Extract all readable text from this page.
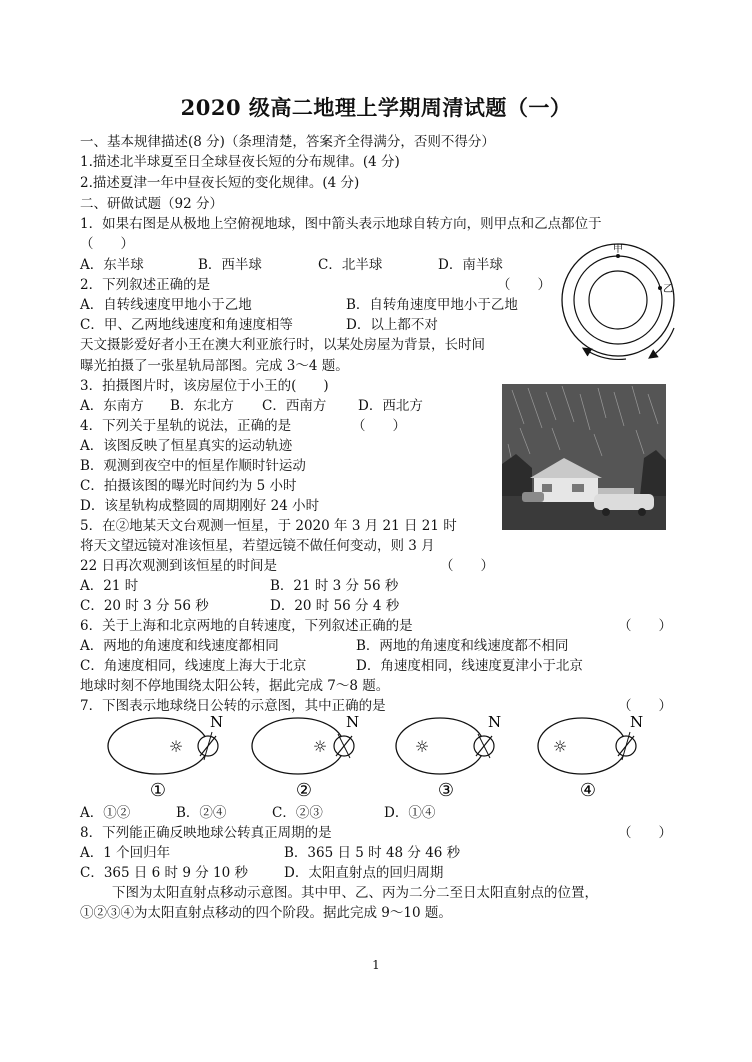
2020 级高二地理上学期周清试题（一）
一、基本规律描述(8 分)（条理清楚，答案齐全得满分，否则不得分）
1.描述北半球夏至日全球昼夜长短的分布规律。(4 分)
2.描述夏津一年中昼夜长短的变化规律。(4 分)
二、研做试题（92 分）
1．如果右图是从极地上空俯视地球，图中箭头表示地球自转方向，则甲点和乙点都位于
（　　）
A．东半球	B．西半球	C．北半球	D．南半球
2．下列叙述正确的是	（　　）
A．自转线速度甲地小于乙地	B．自转角速度甲地小于乙地
C．甲、乙两地线速度和角速度相等	D．以上都不对
天文摄影爱好者小王在澳大利亚旅行时，以某处房屋为背景，长时间
曝光拍摄了一张星轨局部图。完成 3～4 题。
3．拍摄图片时，该房屋位于小王的(　　)
A．东南方 B．东北方 C．西南方 D．西北方
4．下列关于星轨的说法，正确的是	（　　）
A．该图反映了恒星真实的运动轨迹
B．观测到夜空中的恒星作顺时针运动
C．拍摄该图的曝光时间约为 5 小时
D．该星轨构成整圆的周期刚好 24 小时
5．在②地某天文台观测一恒星，于 2020 年 3 月 21 日 21 时
将天文望远镜对准该恒星，若望远镜不做任何变动，则 3 月
22 日再次观测到该恒星的时间是	（　　）
A．21 时	B．21 时 3 分 56 秒
C．20 时 3 分 56 秒	D．20 时 56 分 4 秒
6．关于上海和北京两地的自转速度，下列叙述正确的是	（　　）
A．两地的角速度和线速度都相同	B．两地的角速度和线速度都不相同
C．角速度相同，线速度上海大于北京	D．角速度相同，线速度夏津小于北京
地球时刻不停地围绕太阳公转，据此完成 7～8 题。
7．下图表示地球绕日公转的示意图，其中正确的是	（　　）
☼
N
①
☼
N
②
☼
N
③
☼
N
④
A．①②	B．②④	C．②③	D．①④
8．下列能正确反映地球公转真正周期的是	（　　）
A．1 个回归年	B．365 日 5 时 48 分 46 秒
C．365 日 6 时 9 分 10 秒	D．太阳直射点的回归周期
下图为太阳直射点移动示意图。其中甲、乙、丙为二分二至日太阳直射点的位置，
①②③④为太阳直射点移动的四个阶段。据此完成 9～10 题。
甲
乙
1
